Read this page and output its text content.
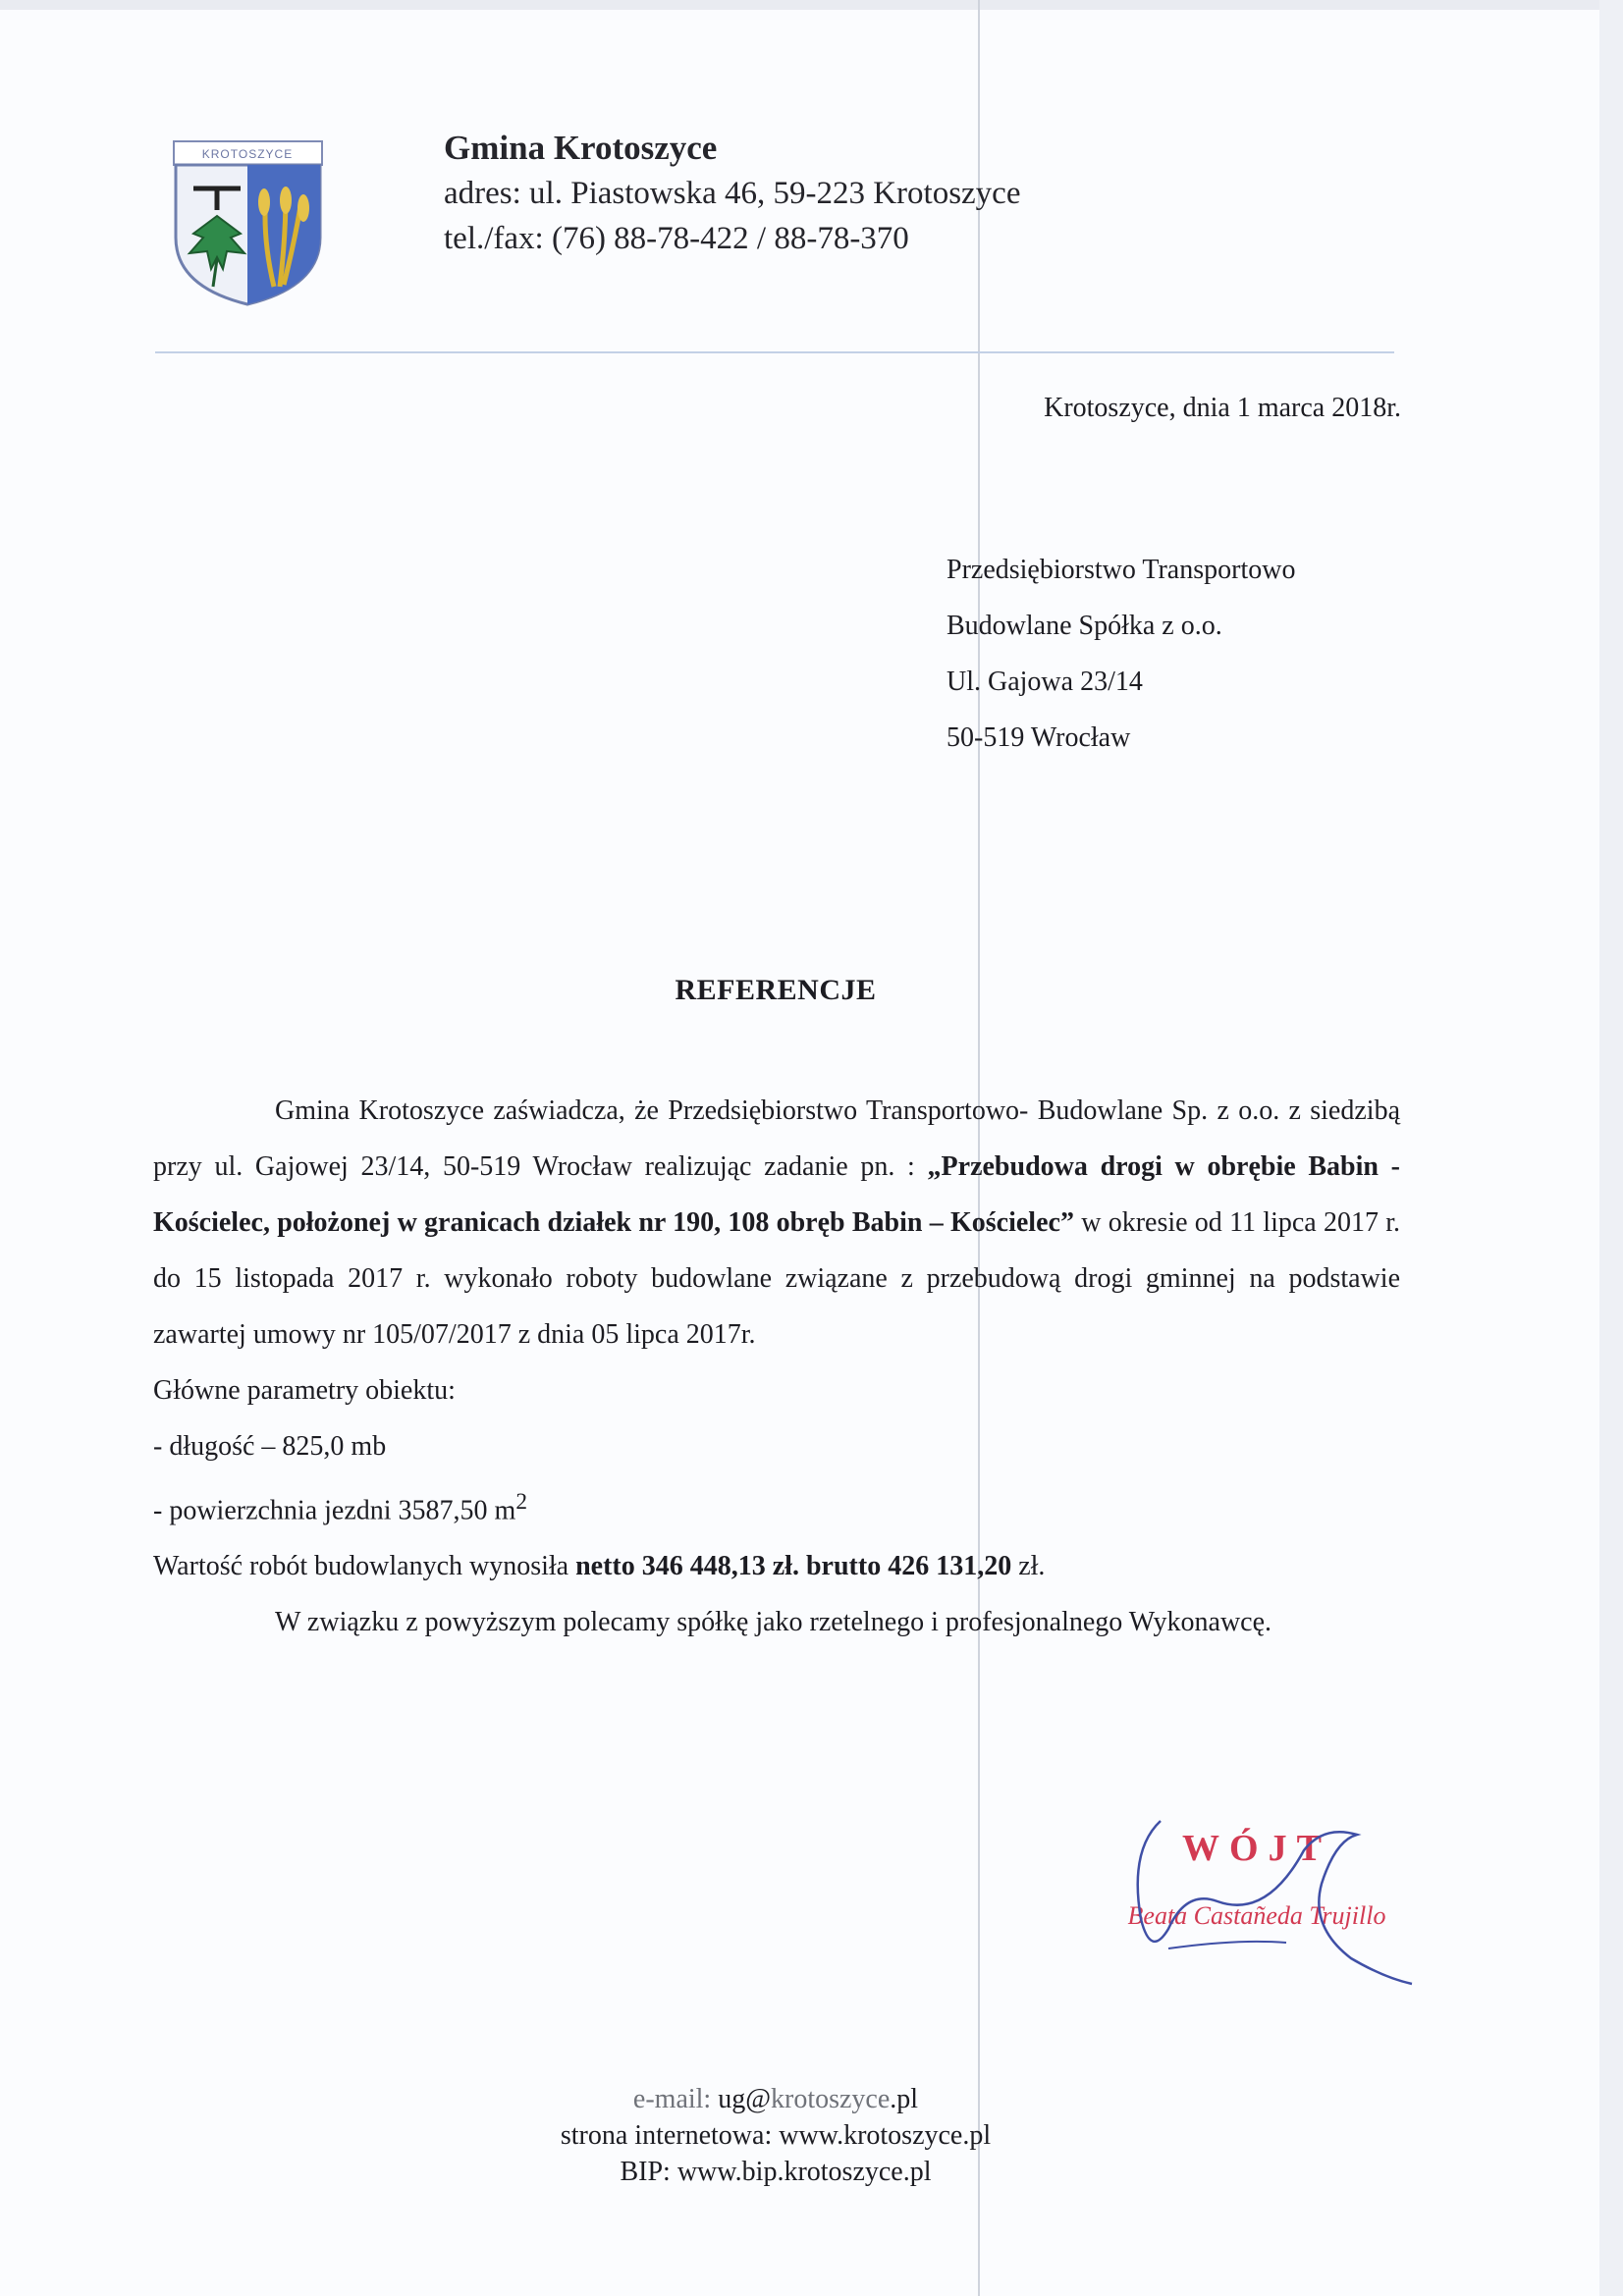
KROTOSZYCE	Gmina Krotoszyce
adres: ul. Piastowska 46, 59-223 Krotoszyce
tel./fax: (76) 88-78-422 / 88-78-370
Krotoszyce, dnia 1 marca 2018r.
Przedsiębiorstwo Transportowo
Budowlane Spółka z o.o.
Ul. Gajowa 23/14
50-519 Wrocław
REFERENCJE

Gmina Krotoszyce zaświadcza, że Przedsiębiorstwo Transportowo- Budowlane Sp. z o.o. z siedzibą przy ul. Gajowej 23/14, 50-519 Wrocław realizując zadanie pn. : „Przebudowa drogi w obrębie Babin - Kościelec, położonej w granicach działek nr 190, 108 obręb Babin – Kościelec” w okresie od 11 lipca 2017 r. do 15 listopada 2017 r. wykonało roboty budowlane związane z przebudową drogi gminnej na podstawie zawartej umowy nr 105/07/2017 z dnia 05 lipca 2017r.

Główne parametry obiektu:

- długość – 825,0 mb

- powierzchnia jezdni 3587,50 $m^2$

Wartość robót budowlanych wynosiła netto 346 448,13 zł. brutto 426 131,20 zł.

W związku z powyższym polecamy spółkę jako rzetelnego i profesjonalnego Wykonawcę.

WÓJT
Beata Castañeda Trujillo
e-mail: ug@krotoszyce.pl
strona internetowa: www.krotoszyce.pl
BIP: www.bip.krotoszyce.pl
